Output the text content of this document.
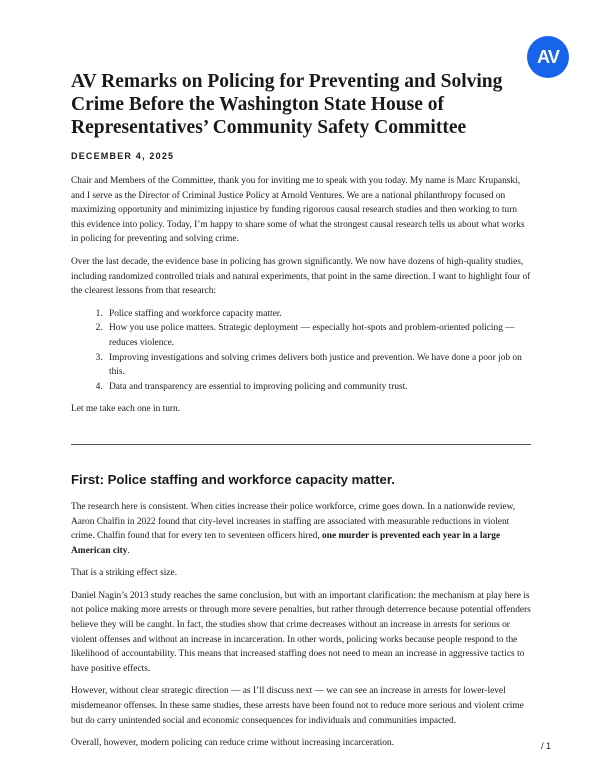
AV
AV Remarks on Policing for Preventing and Solving Crime Before the Washington State House of Representatives’ Community Safety Committee
DECEMBER 4, 2025

Chair and Members of the Committee, thank you for inviting me to speak with you today. My name is Marc Krupanski, and I serve as the Director of Criminal Justice Policy at Arnold Ventures. We are a national philanthropy focused on maximizing opportunity and minimizing injustice by funding rigorous causal research studies and then working to turn this evidence into policy. Today, I’m happy to share some of what the strongest causal research tells us about what works in policing for preventing and solving crime.

Over the last decade, the evidence base in policing has grown significantly. We now have dozens of high-quality studies, including randomized controlled trials and natural experiments, that point in the same direction. I want to highlight four of the clearest lessons from that research:

1. Police staffing and workforce capacity matter.
2. How you use police matters. Strategic deployment — especially hot-spots and problem-oriented policing — reduces violence.
3. Improving investigations and solving crimes delivers both justice and prevention. We have done a poor job on this.
4. Data and transparency are essential to improving policing and community trust.

Let me take each one in turn.

First: Police staffing and workforce capacity matter.

The research here is consistent. When cities increase their police workforce, crime goes down. In a nationwide review, Aaron Chalfin in 2022 found that city-level increases in staffing are associated with measurable reductions in violent crime. Chalfin found that for every ten to seventeen officers hired, one murder is prevented each year in a large American city.

That is a striking effect size.

Daniel Nagin’s 2013 study reaches the same conclusion, but with an important clarification: the mechanism at play here is not police making more arrests or through more severe penalties, but rather through deterrence because potential offenders believe they will be caught. In fact, the studies show that crime decreases without an increase in arrests for serious or violent offenses and without an increase in incarceration. In other words, policing works because people respond to the likelihood of accountability. This means that increased staffing does not need to mean an increase in aggressive tactics to have positive effects.

However, without clear strategic direction — as I’ll discuss next — we can see an increase in arrests for lower-level misdemeanor offenses. In these same studies, these arrests have been found not to reduce more serious and violent crime but do carry unintended social and economic consequences for individuals and communities impacted.

Overall, however, modern policing can reduce crime without increasing incarceration.	/ 1
